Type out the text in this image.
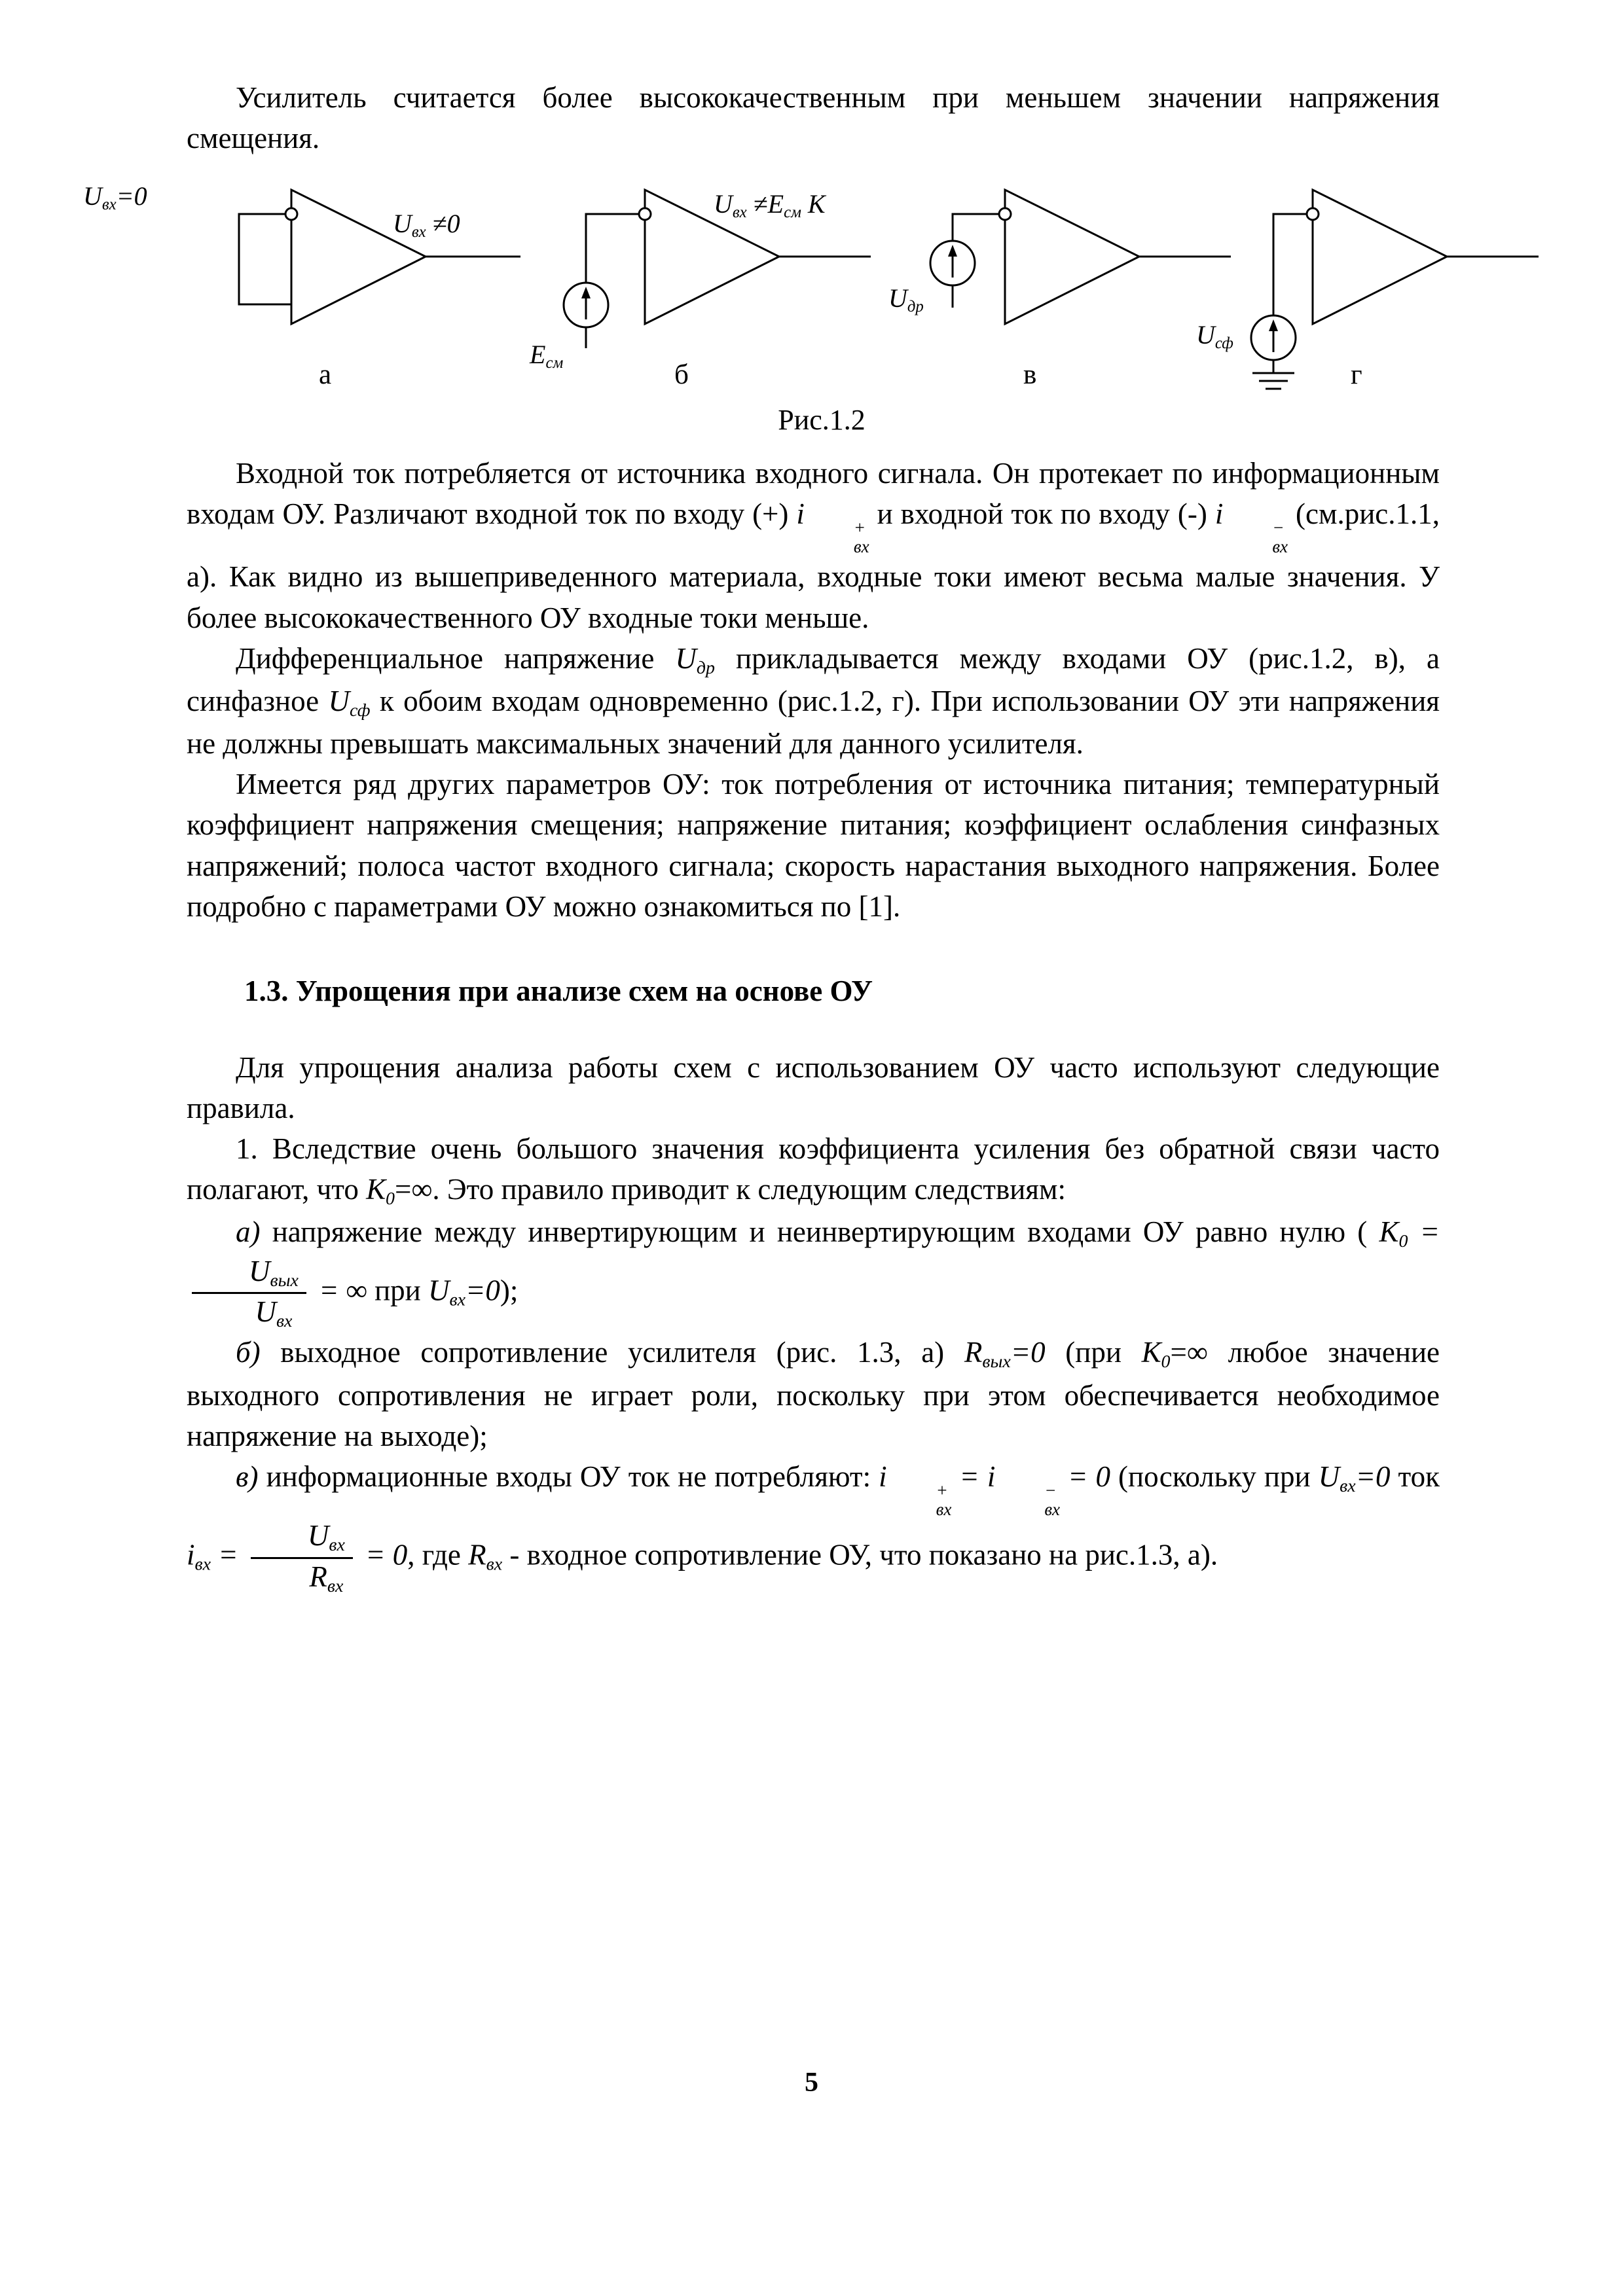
Усилитель считается более высококачественным при меньшем значении напряжения смещения.

$U_{вх}=0$
$U_{вх} \ne 0$
$U_{вх} \ne Е_{см}$ К
$Е_{см}$
$U_{др}$
$U_{сф}$
а	б	в	г
Рис.1.2

Входной ток потребляется от источника входного сигнала. Он протекает по информационным входам ОУ. Различают входной ток по входу (+) i	+
вх
и входной ток по входу (-) i	−
вх
(см.рис.1.1, а). Как видно из вышеприведенного материала, входные токи имеют весьма малые значения. У более высококачественного ОУ входные токи меньше.

Дифференциальное напряжение $U_{др}$ прикладывается между входами ОУ (рис.1.2, в), а синфазное $U_{сф}$ к обоим входам одновременно (рис.1.2, г). При использовании ОУ эти напряжения не должны превышать максимальных значений для данного усилителя.

Имеется ряд других параметров ОУ: ток потребления от источника питания; температурный коэффициент напряжения смещения; напряжение питания; коэффициент ослабления синфазных напряжений; полоса частот входного сигнала; скорость нарастания выходного напряжения. Более подробно с параметрами ОУ можно ознакомиться по [1].

1.3. Упрощения при анализе схем на основе ОУ

Для упрощения анализа работы схем с использованием ОУ часто используют следующие правила.

1. Вследствие очень большого значения коэффициента усиления без обратной связи часто полагают, что $К_0=\infty$. Это правило приводит к следующим следствиям:

а) напряжение между инвертирующим и неинвертирующим входами ОУ равно нулю ( $K_0$ =
$\frac{U_{вых}}{U_{вх}}$ = ∞ при $U_{вх}=0$);

б) выходное сопротивление усилителя (рис. 1.3, а) $R_{вых}=0$ (при $К_0=\infty$ любое значение выходного сопротивления не играет роли, поскольку при этом обеспечивается необходимое напряжение на выходе);

в) информационные входы ОУ ток не потребляют: i	+
вх
= i	−
вх
= 0 (поскольку при $U_{вх}=0$ ток $i_{вх} = \frac{U_{вх}}{R_{вх}} = 0$, где $R_{вх}$ - входное сопротивление ОУ, что показано на рис.1.3, а).

5
